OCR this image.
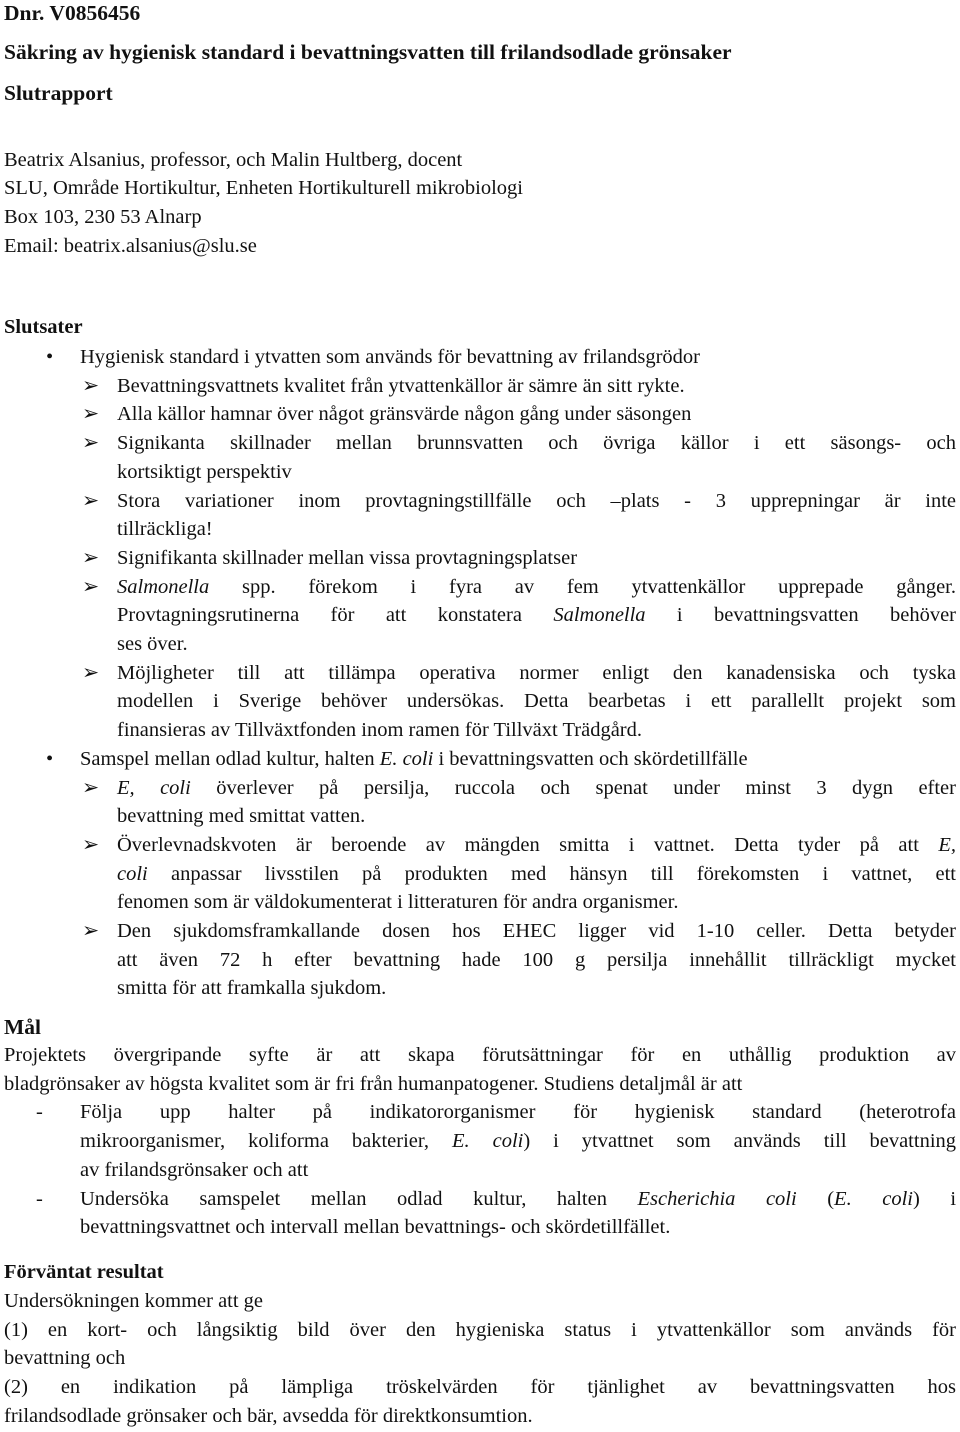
Dnr. V0856456
Säkring av hygienisk standard i bevattningsvatten till frilandsodlade grönsaker
Slutrapport
Beatrix Alsanius, professor, och Malin Hultberg, docent
SLU, Område Hortikultur, Enheten Hortikulturell mikrobiologi
Box 103, 230 53 Alnarp
Email: beatrix.alsanius@slu.se
Slutsater
• Hygienisk standard i ytvatten som används för bevattning av frilandsgrödor
➢ Bevattningsvattnets kvalitet från ytvattenkällor är sämre än sitt rykte.
➢ Alla källor hamnar över något gränsvärde någon gång under säsongen
➢ Signikanta skillnader mellan brunnsvatten och övriga källor i ett säsongs- och
kortsiktigt perspektiv
➢ Stora variationer inom provtagningstillfälle och –plats - 3 upprepningar är inte
tillräckliga!
➢ Signifikanta skillnader mellan vissa provtagningsplatser
➢ Salmonella spp. förekom i fyra av fem ytvattenkällor upprepade gånger.
Provtagningsrutinerna för att konstatera Salmonella i bevattningsvatten behöver
ses över.
➢ Möjligheter till att tillämpa operativa normer enligt den kanadensiska och tyska
modellen i Sverige behöver undersökas. Detta bearbetas i ett parallellt projekt som
finansieras av Tillväxtfonden inom ramen för Tillväxt Trädgård.
• Samspel mellan odlad kultur, halten E. coli i bevattningsvatten och skördetillfälle
➢ E, coli överlever på persilja, ruccola och spenat under minst 3 dygn efter
bevattning med smittat vatten.
➢ Överlevnadskvoten är beroende av mängden smitta i vattnet. Detta tyder på att E,
coli anpassar livsstilen på produkten med hänsyn till förekomsten i vattnet, ett
fenomen som är väldokumenterat i litteraturen för andra organismer.
➢ Den sjukdomsframkallande dosen hos EHEC ligger vid 1-10 celler. Detta betyder
att även 72 h efter bevattning hade 100 g persilja innehållit tillräckligt mycket
smitta för att framkalla sjukdom.
Mål
Projektets övergripande syfte är att skapa förutsättningar för en uthållig produktion av
bladgrönsaker av högsta kvalitet som är fri från humanpatogener. Studiens detaljmål är att
- Följa upp halter på indikatororganismer för hygienisk standard (heterotrofa
mikroorganismer, koliforma bakterier, E. coli) i ytvattnet som används till bevattning
av frilandsgrönsaker och att
- Undersöka samspelet mellan odlad kultur, halten Escherichia coli (E. coli) i
bevattningsvattnet och intervall mellan bevattnings- och skördetillfället.
Förväntat resultat
Undersökningen kommer att ge
(1) en kort- och långsiktig bild över den hygieniska status i ytvattenkällor som används för
bevattning och
(2) en indikation på lämpliga tröskelvärden för tjänlighet av bevattningsvatten hos
frilandsodlade grönsaker och bär, avsedda för direktkonsumtion.
